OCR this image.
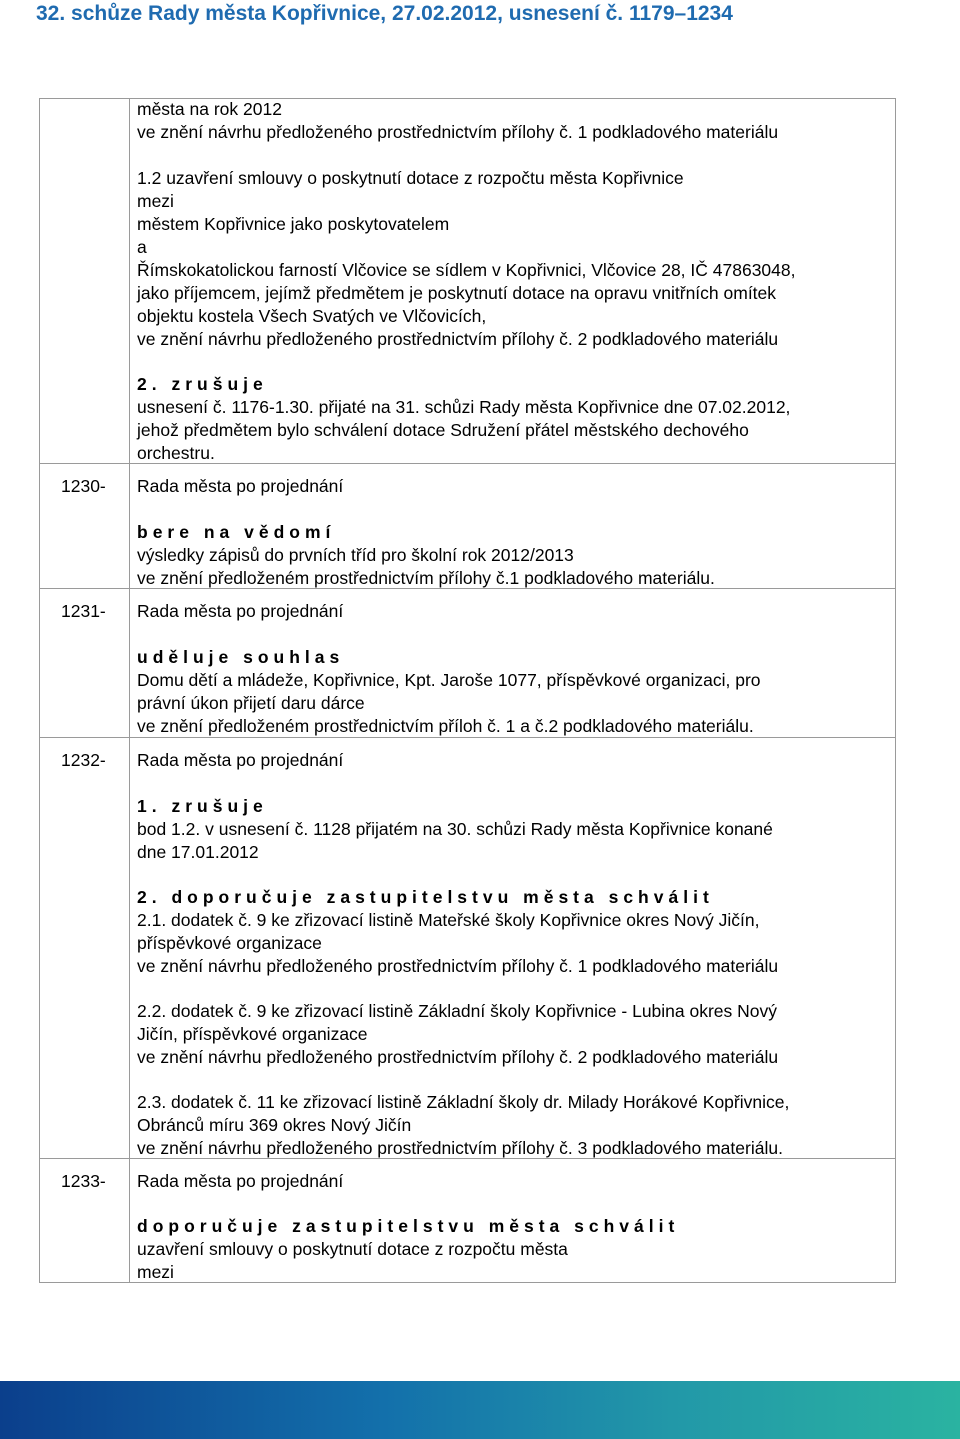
32. schůze Rady města Kopřivnice, 27.02.2012, usnesení č. 1179–1234
města na rok 2012
ve znění návrhu předloženého prostřednictvím přílohy č. 1 podkladového materiálu
1.2 uzavření smlouvy o poskytnutí dotace z rozpočtu města Kopřivnice
mezi
městem Kopřivnice jako poskytovatelem
a
Římskokatolickou farností Vlčovice se sídlem v Kopřivnici, Vlčovice 28, IČ 47863048,
jako příjemcem, jejímž předmětem je poskytnutí dotace na opravu vnitřních omítek
objektu kostela Všech Svatých ve Vlčovicích,
ve znění návrhu předloženého prostřednictvím přílohy č. 2 podkladového materiálu
2. zrušuje
usnesení č. 1176-1.30. přijaté na 31. schůzi Rady města Kopřivnice dne 07.02.2012,
jehož předmětem bylo schválení dotace Sdružení přátel městského dechového
orchestru.
1230- Rada města po projednání
bere na vědomí
výsledky zápisů do prvních tříd pro školní rok 2012/2013
ve znění předloženém prostřednictvím přílohy č.1 podkladového materiálu.
1231- Rada města po projednání
uděluje souhlas
Domu dětí a mládeže, Kopřivnice, Kpt. Jaroše 1077, příspěvkové organizaci, pro
právní úkon přijetí daru dárce
ve znění předloženém prostřednictvím příloh č. 1 a č.2 podkladového materiálu.
1232- Rada města po projednání
1. zrušuje
bod 1.2. v usnesení č. 1128 přijatém na 30. schůzi Rady města Kopřivnice konané
dne 17.01.2012
2. doporučuje zastupitelstvu města schválit
2.1. dodatek č. 9 ke zřizovací listině Mateřské školy Kopřivnice okres Nový Jičín,
příspěvkové organizace
ve znění návrhu předloženého prostřednictvím přílohy č. 1 podkladového materiálu
2.2. dodatek č. 9 ke zřizovací listině Základní školy Kopřivnice - Lubina okres Nový
Jičín, příspěvkové organizace
ve znění návrhu předloženého prostřednictvím přílohy č. 2 podkladového materiálu
2.3. dodatek č. 11 ke zřizovací listině Základní školy dr. Milady Horákové Kopřivnice,
Obránců míru 369 okres Nový Jičín
ve znění návrhu předloženého prostřednictvím přílohy č. 3 podkladového materiálu.
1233- Rada města po projednání
doporučuje zastupitelstvu města schválit
uzavření smlouvy o poskytnutí dotace z rozpočtu města
mezi
